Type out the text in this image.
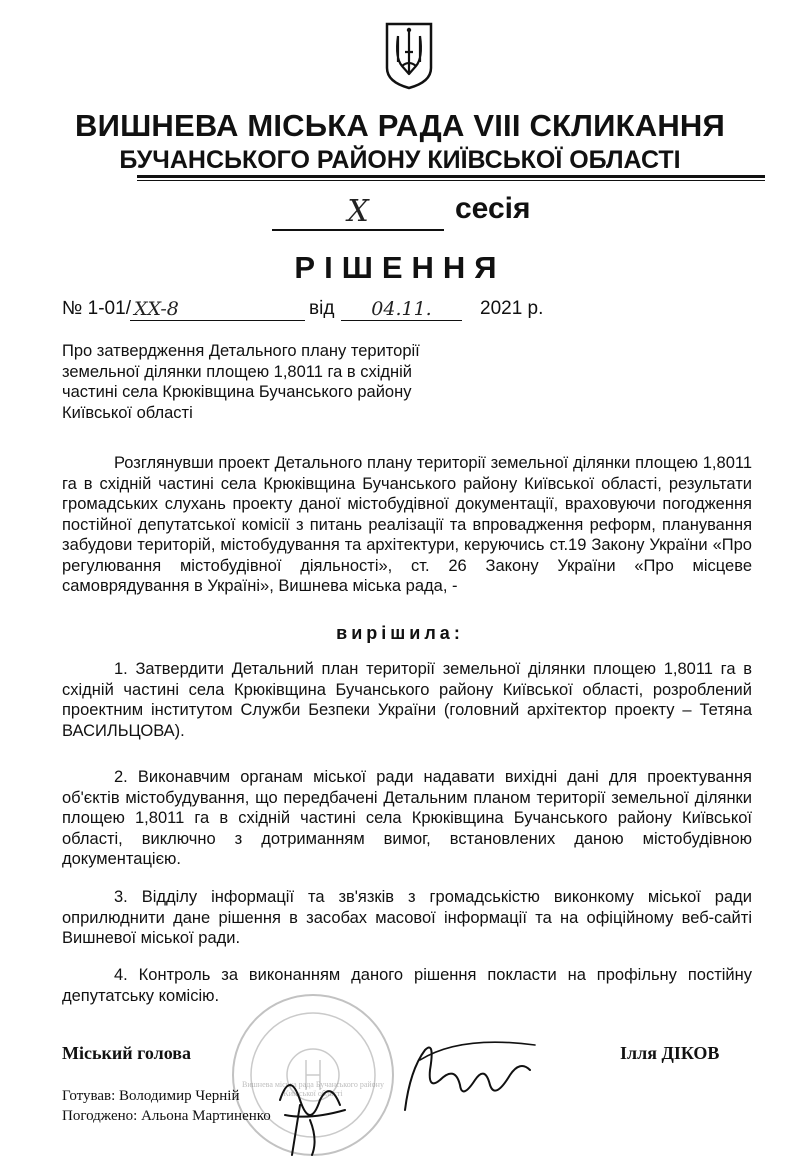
ВИШНЕВА МІСЬКА РАДА VIII СКЛИКАННЯ
БУЧАНСЬКОГО РАЙОНУ КИЇВСЬКОЇ ОБЛАСТІ
X	сесія
РІШЕННЯ
№ 1-01/ XX-8	від	04.11.	2021 р.

Про затвердження Детального плану території земельної ділянки площею 1,8011 га в східній частині села Крюківщина Бучанського району Київської області

Розглянувши проект Детального плану території земельної ділянки площею 1,8011 га в східній частині села Крюківщина Бучанського району Київської області, результати громадських слухань проекту даної містобудівної документації, враховуючи погодження постійної депутатської комісії з питань реалізації та впровадження реформ, планування забудови територій, містобудування та архітектури, керуючись ст.19 Закону України «Про регулювання містобудівної діяльності», ст. 26 Закону України «Про місцеве самоврядування в Україні», Вишнева міська рада, -

вирішила:

1. Затвердити Детальний план території земельної ділянки площею 1,8011 га в східній частині села Крюківщина Бучанського району Київської області, розроблений проектним інститутом Служби Безпеки України (головний архітектор проекту – Тетяна ВАСИЛЬЦОВА).

2. Виконавчим органам міської ради надавати вихідні дані для проектування об'єктів містобудування, що передбачені Детальним планом території земельної ділянки площею 1,8011 га в східній частині села Крюківщина Бучанського району Київської області, виключно з дотриманням вимог, встановлених даною містобудівною документацією.

3. Відділу інформації та зв'язків з громадськістю виконкому міської ради оприлюднити дане рішення в засобах масової інформації та на офіційному веб-сайті Вишневої міської ради.

4. Контроль за виконанням даного рішення покласти на профільну постійну депутатську комісію.

Вишнева міська рада Бучанського району Київської області
Міський голова	Ілля ДІКОВ
Готував: Володимир Черній
Погоджено: Альона Мартиненко
